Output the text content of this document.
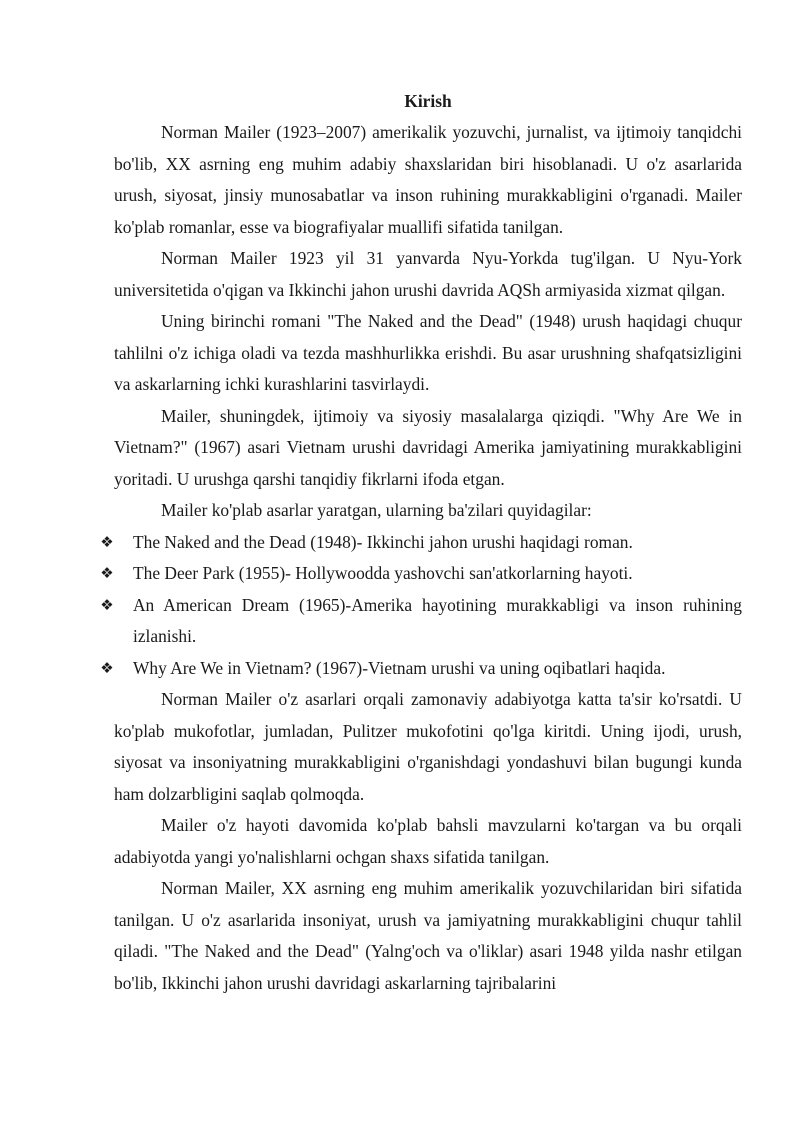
Kirish

Norman Mailer (1923–2007) amerikalik yozuvchi, jurnalist, va ijtimoiy tanqidchi bo'lib, XX asrning eng muhim adabiy shaxslaridan biri hisoblanadi. U o'z asarlarida urush, siyosat, jinsiy munosabatlar va inson ruhining murakkabligini o'rganadi. Mailer ko'plab romanlar, esse va biografiyalar muallifi sifatida tanilgan.

Norman Mailer 1923 yil 31 yanvarda Nyu-Yorkda tug'ilgan. U Nyu-York universitetida o'qigan va Ikkinchi jahon urushi davrida AQSh armiyasida xizmat qilgan.

Uning birinchi romani "The Naked and the Dead" (1948) urush haqidagi chuqur tahlilni o'z ichiga oladi va tezda mashhurlikka erishdi. Bu asar urushning shafqatsizligini va askarlarning ichki kurashlarini tasvirlaydi.

Mailer, shuningdek, ijtimoiy va siyosiy masalalarga qiziqdi. "Why Are We in Vietnam?" (1967) asari Vietnam urushi davridagi Amerika jamiyatining murakkabligini yoritadi. U urushga qarshi tanqidiy fikrlarni ifoda etgan.

Mailer ko'plab asarlar yaratgan, ularning ba'zilari quyidagilar:

❖ The Naked and the Dead (1948)- Ikkinchi jahon urushi haqidagi roman.
❖ The Deer Park (1955)- Hollywoodda yashovchi san'atkorlarning hayoti.
❖ An American Dream (1965)-Amerika hayotining murakkabligi va inson ruhining izlanishi.
❖ Why Are We in Vietnam? (1967)-Vietnam urushi va uning oqibatlari haqida.

Norman Mailer o'z asarlari orqali zamonaviy adabiyotga katta ta'sir ko'rsatdi. U ko'plab mukofotlar, jumladan, Pulitzer mukofotini qo'lga kiritdi. Uning ijodi, urush, siyosat va insoniyatning murakkabligini o'rganishdagi yondashuvi bilan bugungi kunda ham dolzarbligini saqlab qolmoqda.

Mailer o'z hayoti davomida ko'plab bahsli mavzularni ko'targan va bu orqali adabiyotda yangi yo'nalishlarni ochgan shaxs sifatida tanilgan.

Norman Mailer, XX asrning eng muhim amerikalik yozuvchilaridan biri sifatida tanilgan. U o'z asarlarida insoniyat, urush va jamiyatning murakkabligini chuqur tahlil qiladi. "The Naked and the Dead" (Yalng'och va o'liklar) asari 1948 yilda nashr etilgan bo'lib, Ikkinchi jahon urushi davridagi askarlarning tajribalarini
